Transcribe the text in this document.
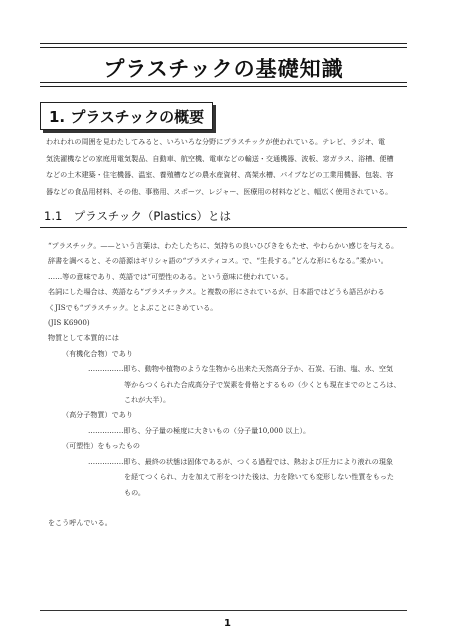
プラスチックの基礎知識
1. プラスチックの概要
われわれの周囲を見わたしてみると、いろいろな分野にプラスチックが使われている。テレビ、ラジオ、電
気洗濯機などの家庭用電気製品、自動車、航空機、電車などの輸送・交通機器、波板、窓ガラス、浴槽、便槽
などの土木建築・住宅機器、温室、養殖槽などの農水産資材、高架水槽、パイプなどの工業用機器、包装、容
器などの食品用材料、その他、事務用、スポーツ、レジャー、医療用の材料などと、幅広く使用されている。
1.1　プラスチック（Plastics）とは
“プラスチック。——という言葉は、わたしたちに、気持ちの良いひびきをもたせ、やわらかい感じを与える。
辞書を調べると、その語源はギリシャ語の“プラスティコス。で、“生長する。”どんな形にもなる。”柔かい。
……等の意味であり、英語では“可塑性のある。という意味に使われている。
名詞にした場合は、英語なら“プラスチックス。と複数の形にされているが、日本語ではどうも語呂がわる
くJISでも“プラスチック。とよぶことにきめている。
(JIS K6900)
物質として本質的には
（有機化合物）であり
……………即ち、動物や植物のような生物から出来た天然高分子か、石炭、石油、塩、水、空気
等からつくられた合成高分子で炭素を骨格とするもの（少くとも現在までのところは、
これが大半）。
（高分子物質）であり
……………即ち、分子量の極度に大きいもの（分子量10,000 以上）。
（可塑性）をもったもの
……………即ち、最終の状態は固体であるが、つくる過程では、熱および圧力により液れの現象
を経てつくられ、力を加えて形をつけた後は、力を除いても変形しない性質をもった
もの。
をこう呼んでいる。
1
